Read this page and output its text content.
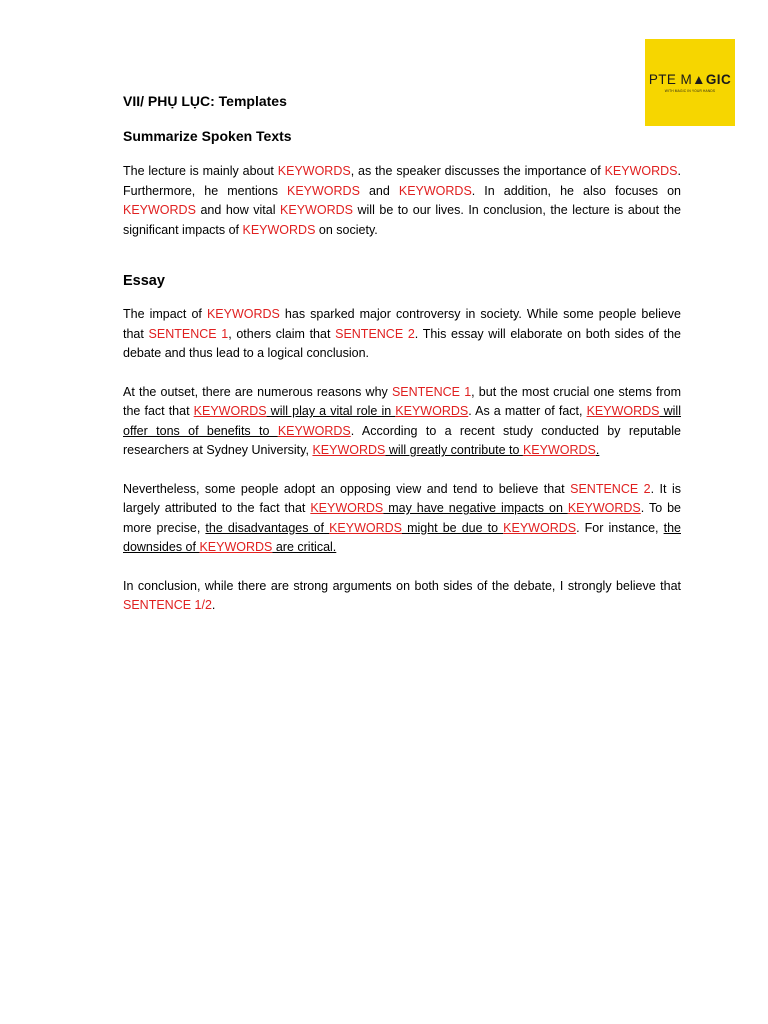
PTE M▲GIC
WITH MAGIC IN YOUR HANDS
VII/ PHỤ LỤC: Templates
Summarize Spoken Texts

The lecture is mainly about KEYWORDS, as the speaker discusses the importance of KEYWORDS. Furthermore, he mentions KEYWORDS and KEYWORDS. In addition, he also focuses on KEYWORDS and how vital KEYWORDS will be to our lives. In conclusion, the lecture is about the significant impacts of KEYWORDS on society.

Essay

The impact of KEYWORDS has sparked major controversy in society. While some people believe that SENTENCE 1, others claim that SENTENCE 2. This essay will elaborate on both sides of the debate and thus lead to a logical conclusion.

At the outset, there are numerous reasons why SENTENCE 1, but the most crucial one stems from the fact that KEYWORDS will play a vital role in KEYWORDS. As a matter of fact, KEYWORDS will offer tons of benefits to KEYWORDS. According to a recent study conducted by reputable researchers at Sydney University, KEYWORDS will greatly contribute to KEYWORDS.

Nevertheless, some people adopt an opposing view and tend to believe that SENTENCE 2. It is largely attributed to the fact that KEYWORDS may have negative impacts on KEYWORDS. To be more precise, the disadvantages of KEYWORDS might be due to KEYWORDS. For instance, the downsides of KEYWORDS are critical.

In conclusion, while there are strong arguments on both sides of the debate, I strongly believe that SENTENCE 1/2.
